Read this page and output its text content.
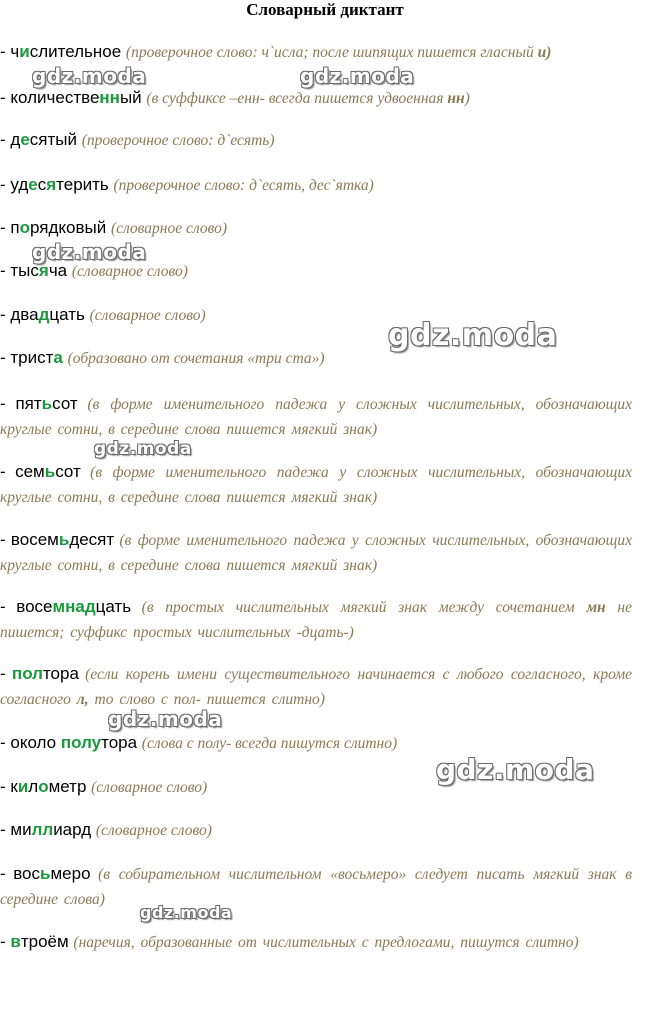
Словарный диктант
- числительное (проверочное слово: ч`исла; после шипящих пишется гласный и)
- количественный (в суффиксе –енн- всегда пишется удвоенная нн)
- десятый (проверочное слово: д`есять)
- удесятерить (проверочное слово: д`есять, дес`ятка)
- порядковый (словарное слово)
- тысяча (словарное слово)
- двадцать (словарное слово)
- триста (образовано от сочетания «три ста»)
- пятьсот (в форме именительного падежа у сложных числительных, обозначающих круглые сотни, в середине слова пишется мягкий знак)
- семьсот (в форме именительного падежа у сложных числительных, обозначающих круглые сотни, в середине слова пишется мягкий знак)
- восемьдесят (в форме именительного падежа у сложных числительных, обозначающих круглые сотни, в середине слова пишется мягкий знак)
- восемнадцать (в простых числительных мягкий знак между сочетанием мн не пишется; суффикс простых числительных -дцать-)
- полтора (если корень имени существительного начинается с любого согласного, кроме согласного л, то слово с пол- пишется слитно)
- около полутора (слова с полу- всегда пишутся слитно)
- километр (словарное слово)
- миллиард (словарное слово)
- восьмеро (в собирательном числительном «восьмеро» следует писать мягкий знак в середине слова)
- втроём (наречия, образованные от числительных с предлогами, пишутся слитно)
gdz.moda	gdz.moda
gdz.moda
gdz.moda
gdz.moda
gdz.moda
gdz.moda
gdz.moda
